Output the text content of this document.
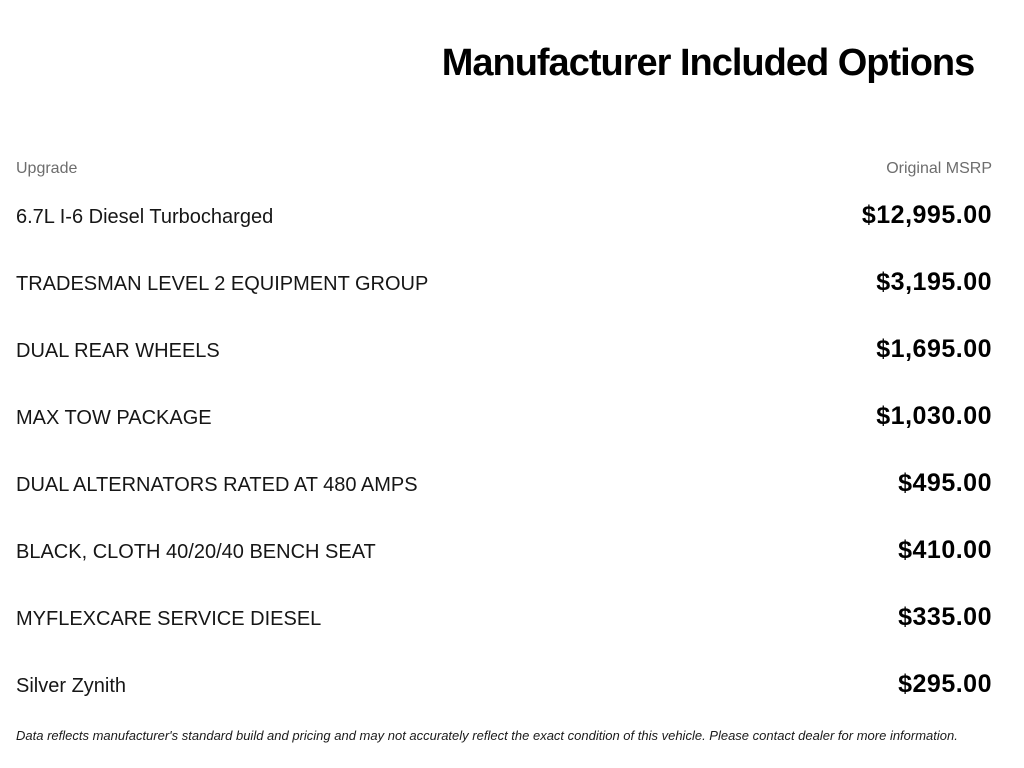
Manufacturer Included Options
Upgrade	Original MSRP
6.7L I-6 Diesel Turbocharged	$12,995.00
TRADESMAN LEVEL 2 EQUIPMENT GROUP	$3,195.00
DUAL REAR WHEELS	$1,695.00
MAX TOW PACKAGE	$1,030.00
DUAL ALTERNATORS RATED AT 480 AMPS	$495.00
BLACK, CLOTH 40/20/40 BENCH SEAT	$410.00
MYFLEXCARE SERVICE DIESEL	$335.00
Silver Zynith	$295.00
Data reflects manufacturer's standard build and pricing and may not accurately reflect the exact condition of this vehicle. Please contact dealer for more information.
